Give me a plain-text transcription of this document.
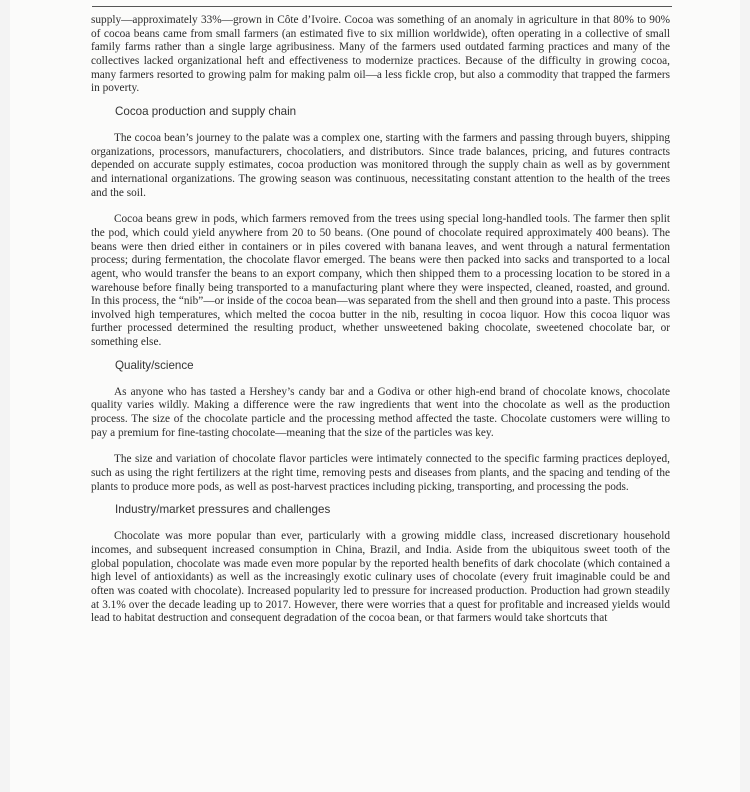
supply—approximately 33%—grown in Côte d’Ivoire. Cocoa was something of an anomaly in agriculture in that 80% to 90% of cocoa beans came from small farmers (an estimated five to six million worldwide), often operating in a collective of small family farms rather than a single large agribusiness. Many of the farmers used outdated farming practices and many of the collectives lacked organizational heft and effectiveness to modernize practices. Because of the difficulty in growing cocoa, many farmers resorted to growing palm for making palm oil—a less fickle crop, but also a commodity that trapped the farmers in poverty.

Cocoa production and supply chain

The cocoa bean’s journey to the palate was a complex one, starting with the farmers and passing through buyers, shipping organizations, processors, manufacturers, chocolatiers, and distributors. Since trade balances, pricing, and futures contracts depended on accurate supply estimates, cocoa production was monitored through the supply chain as well as by government and international organizations. The growing season was continuous, necessitating constant attention to the health of the trees and the soil.

Cocoa beans grew in pods, which farmers removed from the trees using special long-handled tools. The farmer then split the pod, which could yield anywhere from 20 to 50 beans. (One pound of chocolate required approximately 400 beans). The beans were then dried either in containers or in piles covered with banana leaves, and went through a natural fermentation process; during fermentation, the chocolate flavor emerged. The beans were then packed into sacks and transported to a local agent, who would transfer the beans to an export company, which then shipped them to a processing location to be stored in a warehouse before finally being transported to a manufacturing plant where they were inspected, cleaned, roasted, and ground. In this process, the “nib”—or inside of the cocoa bean—was separated from the shell and then ground into a paste. This process involved high temperatures, which melted the cocoa butter in the nib, resulting in cocoa liquor. How this cocoa liquor was further processed determined the resulting product, whether unsweetened baking chocolate, sweetened chocolate bar, or something else.

Quality/science

As anyone who has tasted a Hershey’s candy bar and a Godiva or other high-end brand of chocolate knows, chocolate quality varies wildly. Making a difference were the raw ingredients that went into the chocolate as well as the production process. The size of the chocolate particle and the processing method affected the taste. Chocolate customers were willing to pay a premium for fine-tasting chocolate—meaning that the size of the particles was key.

The size and variation of chocolate flavor particles were intimately connected to the specific farming practices deployed, such as using the right fertilizers at the right time, removing pests and diseases from plants, and the spacing and tending of the plants to produce more pods, as well as post-harvest practices including picking, transporting, and processing the pods.

Industry/market pressures and challenges

Chocolate was more popular than ever, particularly with a growing middle class, increased discretionary household incomes, and subsequent increased consumption in China, Brazil, and India. Aside from the ubiquitous sweet tooth of the global population, chocolate was made even more popular by the reported health benefits of dark chocolate (which contained a high level of antioxidants) as well as the increasingly exotic culinary uses of chocolate (every fruit imaginable could be and often was coated with chocolate). Increased popularity led to pressure for increased production. Production had grown steadily at 3.1% over the decade leading up to 2017. However, there were worries that a quest for profitable and increased yields would lead to habitat destruction and consequent degradation of the cocoa bean, or that farmers would take shortcuts that
